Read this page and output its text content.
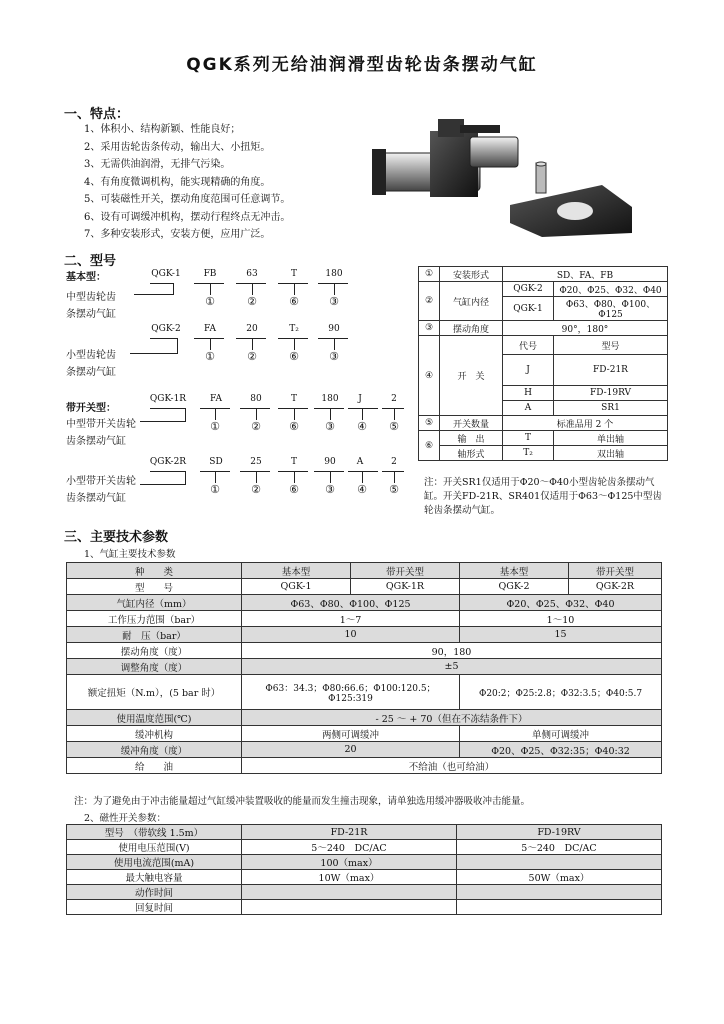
QGK系列无给油润滑型齿轮齿条摆动气缸
一、特点：
1、体积小、结构新颖、性能良好；
2、采用齿轮齿条传动，输出大、小扭矩。
3、无需供油润滑，无排气污染。
4、有角度微调机构，能实现精确的角度。
5、可装磁性开关，摆动角度范围可任意调节。
6、设有可调缓冲机构，摆动行程终点无冲击。
7、多种安装形式，安装方便，应用广泛。
二、型号
基本型：
中型齿轮齿
条摆动气缸
QGK-1	FB	63	T	180
①	②	⑥	③
QGK-2	FA	20	T₂	90
①	②	⑥	③
小型齿轮齿
条摆动气缸
带开关型：
中型带开关齿轮
齿条摆动气缸
QGK-1R	FA	80	T	180	J	2
①	②	⑥	③	④	⑤
QGK-2R	SD	25	T	90	A	2
①	②	⑥	③	④	⑤
小型带开关齿轮
齿条摆动气缸
①	安装形式	SD、FA、FB	
②	气缸内径	QGK-2	Φ20、Φ25、Φ32、Φ40
		QGK-1	Φ63、Φ80、Φ100、Φ125
③	摆动角度	90°，180°	
④	开　关	代号	型号
		J	FD-21R
		H	FD-19RV
		A	SR1
⑤	开关数量	标准品用 2 个	
⑥	输　出	T	单出轴
	轴形式	T₂	双出轴
注：开关SR1仅适用于Φ20～Φ40小型齿轮齿条摆动气缸。开关FD-21R、SR401仅适用于Φ63～Φ125中型齿轮齿条摆动气缸。
三、主要技术参数
1、气缸主要技术参数
种　　类	基本型	带开关型	基本型	带开关型
型　　号	QGK-1	QGK-1R	QGK-2	QGK-2R
气缸内径（mm）	Φ63、Φ80、Φ100、Φ125		Φ20、Φ25、Φ32、Φ40	
工作压力范围（bar）	1～7		1～10	
耐　压（bar）	10		15	
摆动角度（度）	90，180			
调整角度（度）	±5			
额定扭矩（N.m），(5 bar 时）	Φ63：34.3；Φ80:66.6；Φ100:120.5；
Φ125:319		Φ20:2；Φ25:2.8；Φ32:3.5；Φ40:5.7	
使用温度范围(℃)	- 25 ～ + 70（但在不冻结条件下）			
缓冲机构	两侧可调缓冲		单侧可调缓冲	
缓冲角度（度）	20		Φ20、Φ25、Φ32:35；Φ40:32	
给　　油	不给油（也可给油）			
注：为了避免由于冲击能量超过气缸缓冲装置吸收的能量而发生撞击现象，请单独选用缓冲器吸收冲击能量。
2、磁性开关参数：
型号　（带软线 1.5m）	FD-21R	FD-19RV
使用电压范围(V)	5～240　DC/AC	5～240　DC/AC
使用电流范围(mA)	100（max）	
最大触电容量	10W（max）	50W（max）
动作时间		
回复时间		
